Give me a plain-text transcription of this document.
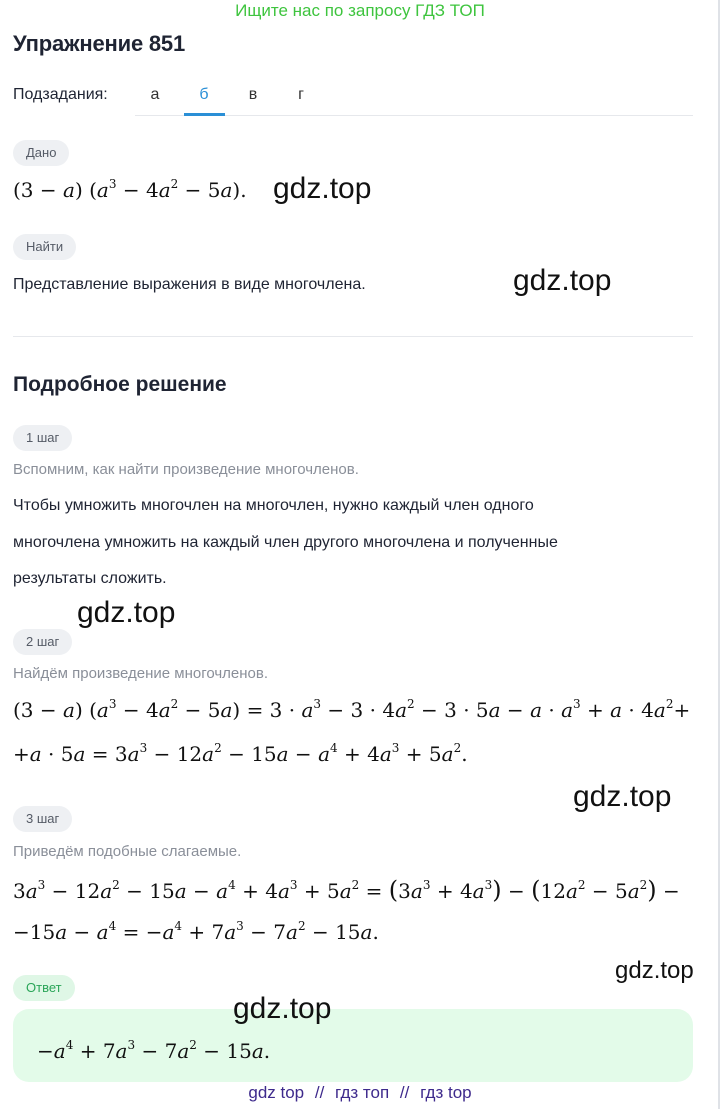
Ищите нас по запросу ГДЗ ТОП
Упражнение 851
Подзадания:	а	б	в	г
Дано
(3 − a) $(a^3 - 4a^2 - 5a)$. gdz.top
Найти
Представление выражения в виде многочлена.	gdz.top
Подробное решение
1 шаг
Вспомним, как найти произведение многочленов.
Чтобы умножить многочлен на многочлен, нужно каждый член одного
многочлена умножить на каждый член другого многочлена и полученные
результаты сложить.
gdz.top
2 шаг
Найдём произведение многочленов.
(3 − a) $(a^3 - 4a^2 - 5a) = 3 \cdot a^3 - 3 \cdot 4a^2 - 3 \cdot 5a - a \cdot a^3 + a \cdot 4a^2+$
$+a \cdot 5a = 3a^3 - 12a^2 - 15a - a^4 + 4a^3 + 5a^2$.
gdz.top
3 шаг
Приведём подобные слагаемые.
$3a^3 - 12a^2 - 15a - a^4 + 4a^3 + 5a^2 = (3a^3 + 4a^3) - (12a^2 - 5a^2)$ −
$-15a - a^4 = -a^4 + 7a^3 - 7a^2 - 15a$.
gdz.top
Ответ
$-a^4 + 7a^3 - 7a^2 - 15a$.
gdz.top
gdz top // гдз топ // гдз top
